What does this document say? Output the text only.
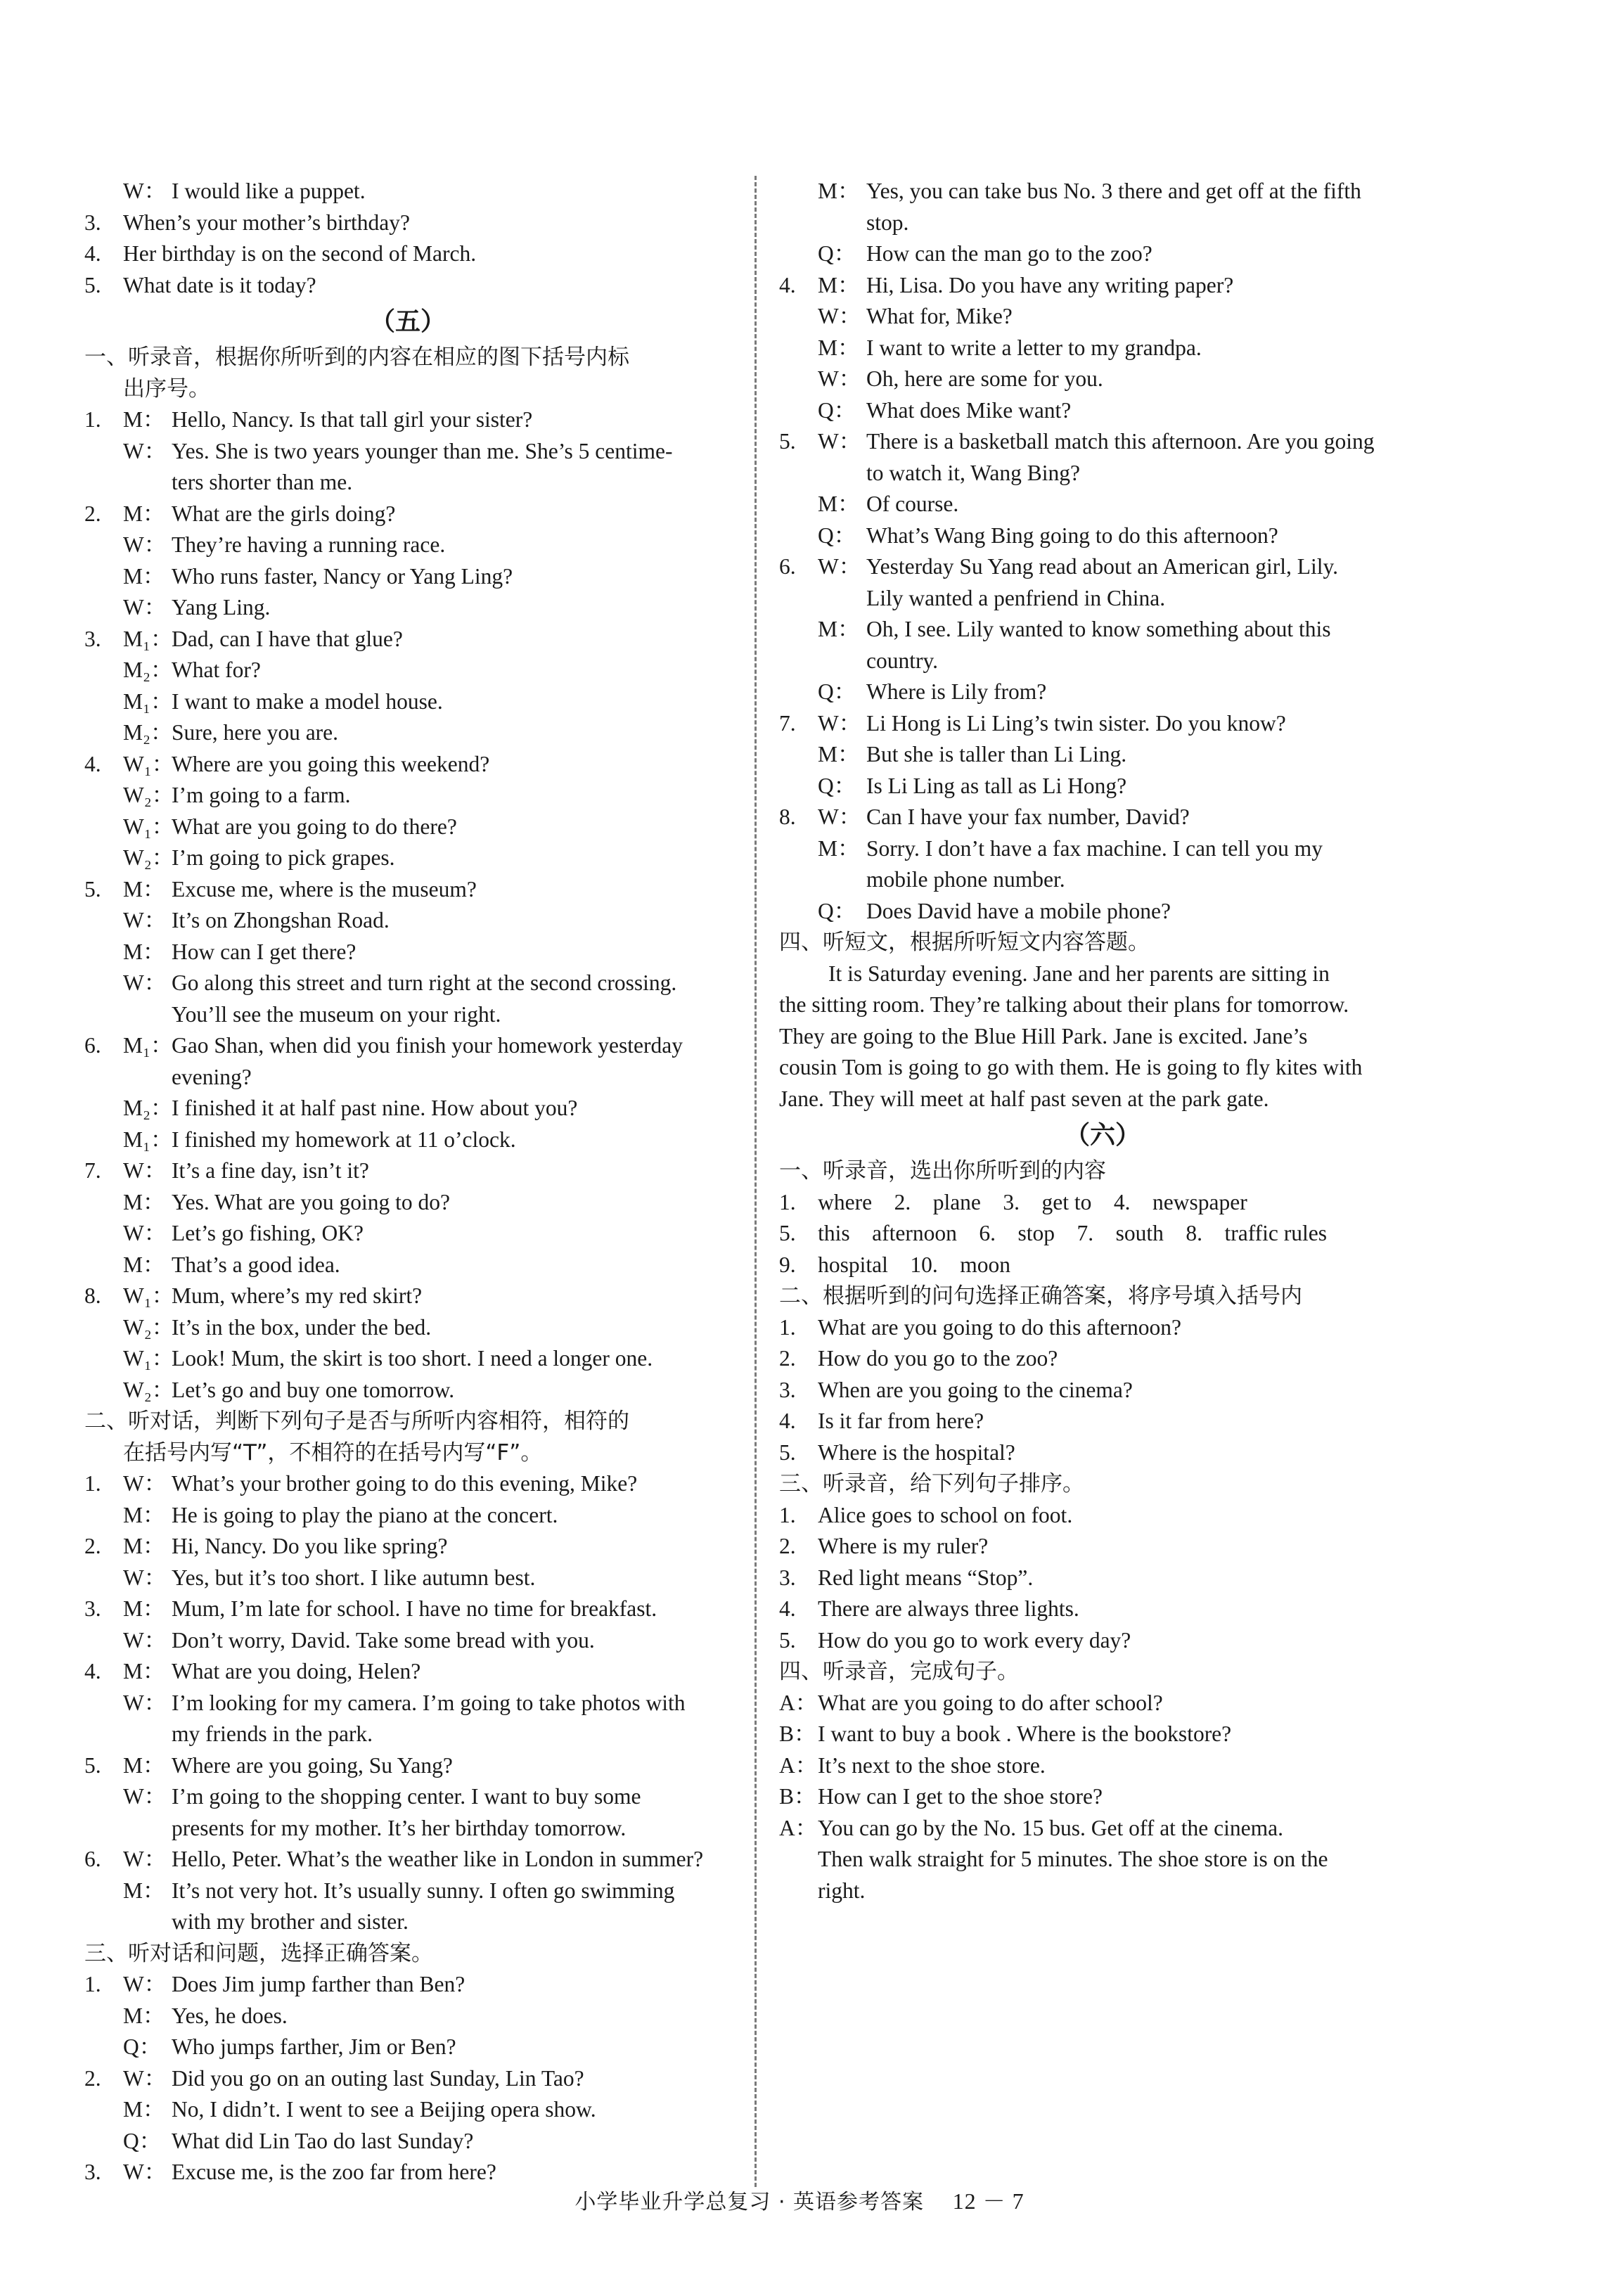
W： I would like a puppet.
3. When’s your mother’s birthday?
4. Her birthday is on the second of March.
5. What date is it today?
（五）
一、听录音，根据你所听到的内容在相应的图下括号内标
出序号。
1. M： Hello, Nancy. Is that tall girl your sister?
W： Yes. She is two years younger than me. She’s 5 centime-
ters shorter than me.
2. M： What are the girls doing?
W： They’re having a running race.
M： Who runs faster, Nancy or Yang Ling?
W： Yang Ling.
3. M₁：Dad, can I have that glue?
M₂：What for?
M₁：I want to make a model house.
M₂：Sure, here you are.
4. W₁：Where are you going this weekend?
W₂：I’m going to a farm.
W₁：What are you going to do there?
W₂：I’m going to pick grapes.
5. M： Excuse me, where is the museum?
W： It’s on Zhongshan Road.
M： How can I get there?
W： Go along this street and turn right at the second crossing.
You’ll see the museum on your right.
6. M₁：Gao Shan, when did you finish your homework yesterday
evening?
M₂：I finished it at half past nine. How about you?
M₁：I finished my homework at 11 o’clock.
7. W： It’s a fine day, isn’t it?
M： Yes. What are you going to do?
W： Let’s go fishing, OK?
M： That’s a good idea.
8. W₁：Mum, where’s my red skirt?
W₂：It’s in the box, under the bed.
W₁：Look! Mum, the skirt is too short. I need a longer one.
W₂：Let’s go and buy one tomorrow.
二、听对话，判断下列句子是否与所听内容相符，相符的
在括号内写“T”，不相符的在括号内写“F”。
1. W： What’s your brother going to do this evening, Mike?
M： He is going to play the piano at the concert.
2. M： Hi, Nancy. Do you like spring?
W： Yes, but it’s too short. I like autumn best.
3. M： Mum, I’m late for school. I have no time for breakfast.
W： Don’t worry, David. Take some bread with you.
4. M： What are you doing, Helen?
W： I’m looking for my camera. I’m going to take photos with
my friends in the park.
5. M： Where are you going, Su Yang?
W： I’m going to the shopping center. I want to buy some
presents for my mother. It’s her birthday tomorrow.
6. W： Hello, Peter. What’s the weather like in London in summer?
M： It’s not very hot. It’s usually sunny. I often go swimming
with my brother and sister.
三、听对话和问题，选择正确答案。
1. W： Does Jim jump farther than Ben?
M： Yes, he does.
Q： Who jumps farther, Jim or Ben?
2. W： Did you go on an outing last Sunday, Lin Tao?
M： No, I didn’t. I went to see a Beijing opera show.
Q： What did Lin Tao do last Sunday?
3. W： Excuse me, is the zoo far from here?
M： Yes, you can take bus No. 3 there and get off at the fifth
stop.
Q： How can the man go to the zoo?
4. M： Hi, Lisa. Do you have any writing paper?
W： What for, Mike?
M： I want to write a letter to my grandpa.
W： Oh, here are some for you.
Q： What does Mike want?
5. W： There is a basketball match this afternoon. Are you going
to watch it, Wang Bing?
M： Of course.
Q： What’s Wang Bing going to do this afternoon?
6. W： Yesterday Su Yang read about an American girl, Lily.
Lily wanted a penfriend in China.
M： Oh, I see. Lily wanted to know something about this
country.
Q： Where is Lily from?
7. W： Li Hong is Li Ling’s twin sister. Do you know?
M： But she is taller than Li Ling.
Q： Is Li Ling as tall as Li Hong?
8. W： Can I have your fax number, David?
M： Sorry. I don’t have a fax machine. I can tell you my
mobile phone number.
Q： Does David have a mobile phone?
四、听短文，根据所听短文内容答题。
It is Saturday evening. Jane and her parents are sitting in
the sitting room. They’re talking about their plans for tomorrow.
They are going to the Blue Hill Park. Jane is excited. Jane’s
cousin Tom is going to go with them. He is going to fly kites with
Jane. They will meet at half past seven at the park gate.
（六）
一、听录音，选出你所听到的内容
1.　where　2.　plane　3.　get to　4.　newspaper
5.　this　afternoon　6.　stop　7.　south　8.　traffic rules
9.　hospital　10.　moon
二、根据听到的问句选择正确答案，将序号填入括号内
1. What are you going to do this afternoon?
2. How do you go to the zoo?
3. When are you going to the cinema?
4. Is it far from here?
5. Where is the hospital?
三、听录音，给下列句子排序。
1. Alice goes to school on foot.
2. Where is my ruler?
3. Red light means “Stop”.
4. There are always three lights.
5. How do you go to work every day?
四、听录音，完成句子。
A：What are you going to do after school?
B：I want to buy a book . Where is the bookstore?
A：It’s next to the shoe store.
B：How can I get to the shoe store?
A：You can go by the No. 15 bus. Get off at the cinema.
Then walk straight for 5 minutes. The shoe store is on the
right.
小学毕业升学总复习 · 英语参考答案 12 － 7
